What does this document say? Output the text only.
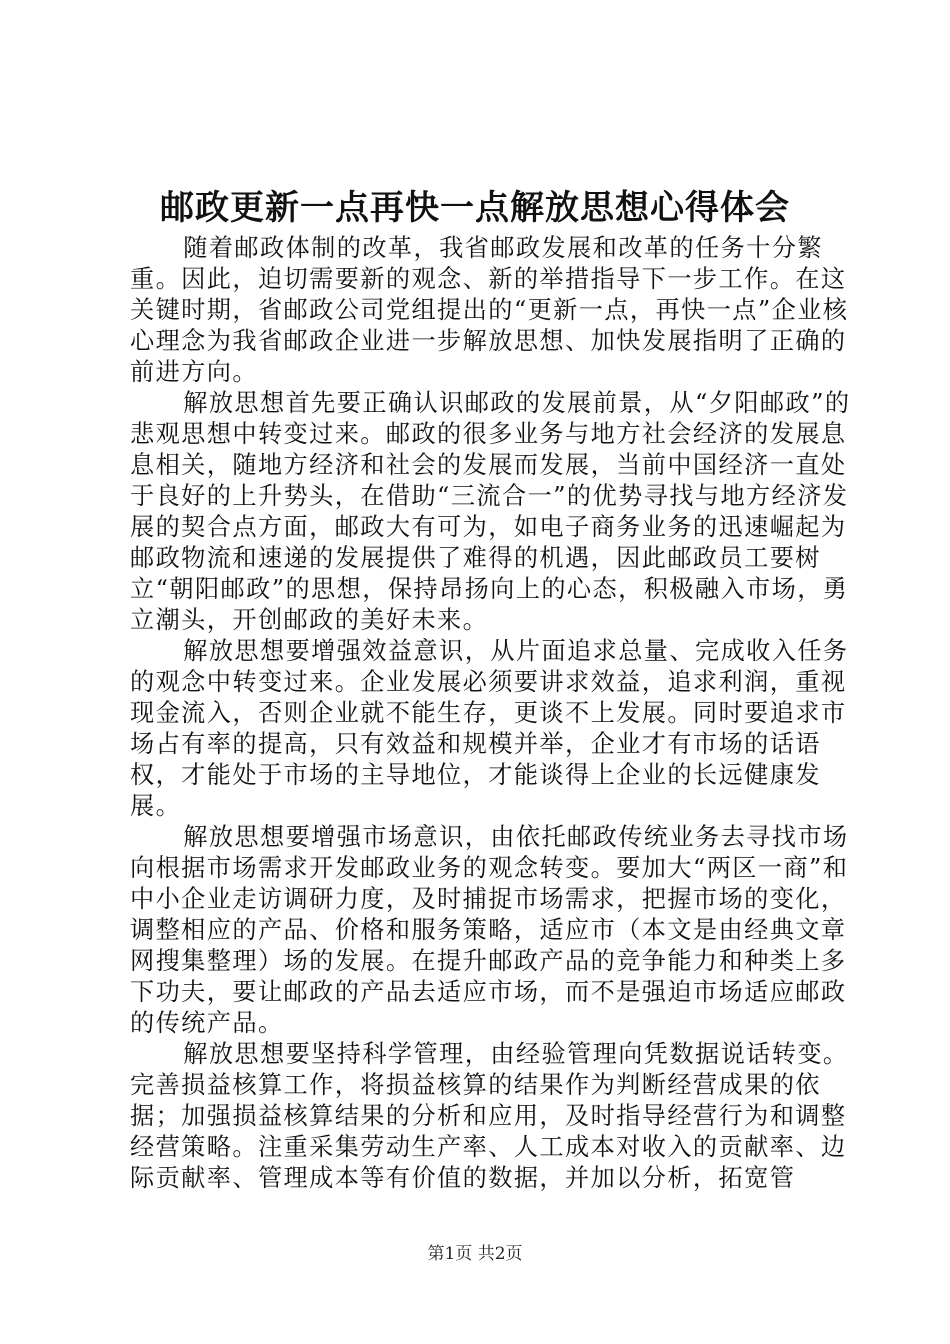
邮政更新一点再快一点解放思想心得体会

随着邮政体制的改革，我省邮政发展和改革的任务十分繁重。因此，迫切需要新的观念、新的举措指导下一步工作。在这关键时期，省邮政公司党组提出的“更新一点，再快一点”企业核心理念为我省邮政企业进一步解放思想、加快发展指明了正确的前进方向。

解放思想首先要正确认识邮政的发展前景，从“夕阳邮政”的悲观思想中转变过来。邮政的很多业务与地方社会经济的发展息息相关，随地方经济和社会的发展而发展，当前中国经济一直处于良好的上升势头，在借助“三流合一”的优势寻找与地方经济发展的契合点方面，邮政大有可为，如电子商务业务的迅速崛起为邮政物流和速递的发展提供了难得的机遇，因此邮政员工要树立“朝阳邮政”的思想，保持昂扬向上的心态，积极融入市场，勇立潮头，开创邮政的美好未来。

解放思想要增强效益意识，从片面追求总量、完成收入任务的观念中转变过来。企业发展必须要讲求效益，追求利润，重视现金流入，否则企业就不能生存，更谈不上发展。同时要追求市场占有率的提高，只有效益和规模并举，企业才有市场的话语权，才能处于市场的主导地位，才能谈得上企业的长远健康发展。

解放思想要增强市场意识，由依托邮政传统业务去寻找市场向根据市场需求开发邮政业务的观念转变。要加大“两区一商”和中小企业走访调研力度，及时捕捉市场需求，把握市场的变化，调整相应的产品、价格和服务策略，适应市（本文是由经典文章网搜集整理）场的发展。在提升邮政产品的竞争能力和种类上多下功夫，要让邮政的产品去适应市场，而不是强迫市场适应邮政的传统产品。

解放思想要坚持科学管理，由经验管理向凭数据说话转变。完善损益核算工作，将损益核算的结果作为判断经营成果的依据；加强损益核算结果的分析和应用，及时指导经营行为和调整经营策略。注重采集劳动生产率、人工成本对收入的贡献率、边际贡献率、管理成本等有价值的数据，并加以分析，拓宽管

第1页 共2页
